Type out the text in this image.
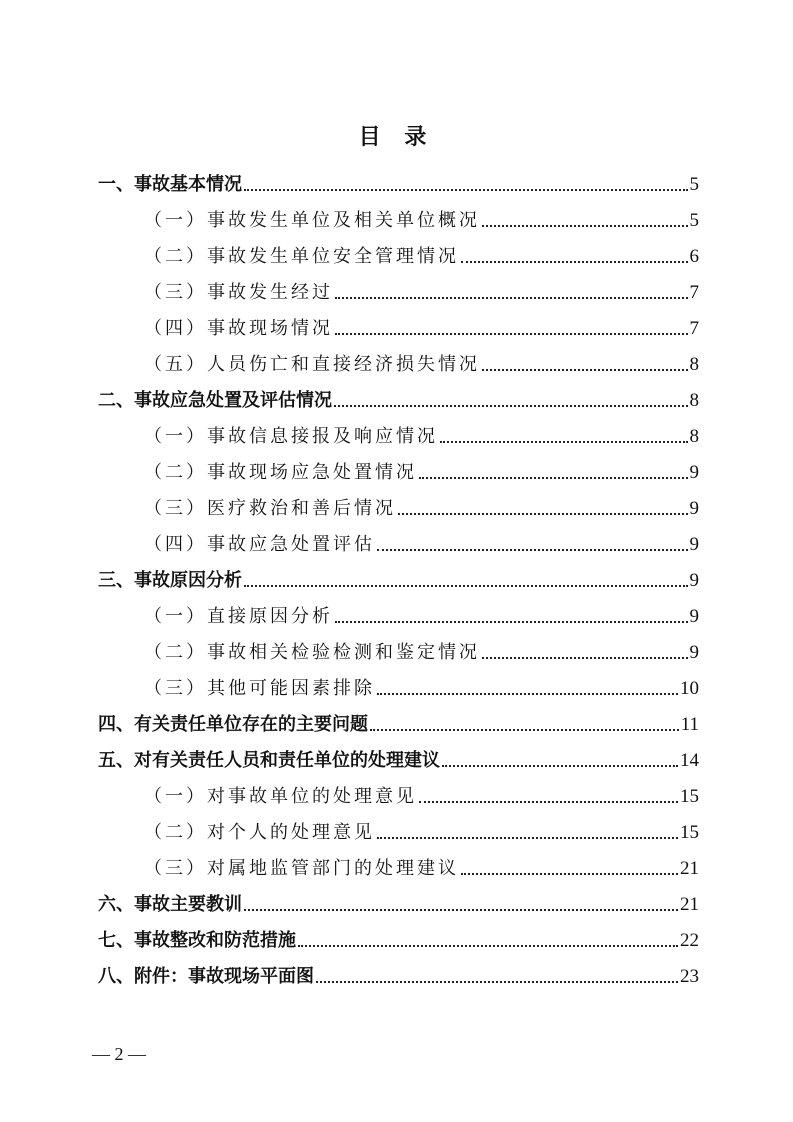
目 录
一、事故基本情况	5
（一）事故发生单位及相关单位概况	5
（二）事故发生单位安全管理情况	6
（三）事故发生经过	7
（四）事故现场情况	7
（五）人员伤亡和直接经济损失情况	8
二、事故应急处置及评估情况	8
（一）事故信息接报及响应情况	8
（二）事故现场应急处置情况	9
（三）医疗救治和善后情况	9
（四）事故应急处置评估	9
三、事故原因分析	9
（一）直接原因分析	9
（二）事故相关检验检测和鉴定情况	9
（三）其他可能因素排除	10
四、有关责任单位存在的主要问题	11
五、对有关责任人员和责任单位的处理建议	14
（一）对事故单位的处理意见	15
（二）对个人的处理意见	15
（三）对属地监管部门的处理建议	21
六、事故主要教训	21
七、事故整改和防范措施	22
八、附件：事故现场平面图	23
— 2 —
